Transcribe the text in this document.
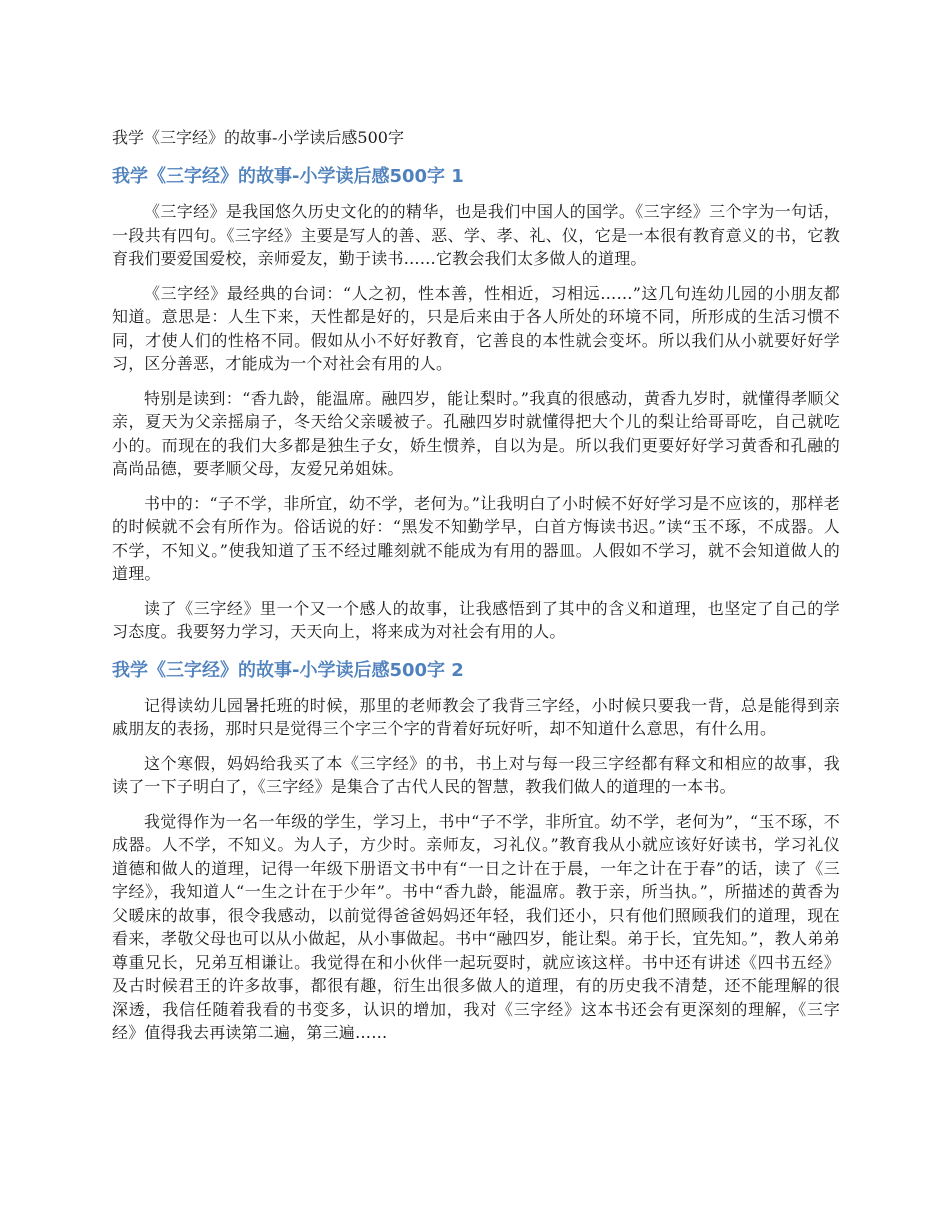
我学《三字经》的故事-小学读后感500字
我学《三字经》的故事-小学读后感500字 1

《三字经》是我国悠久历史文化的的精华，也是我们中国人的国学。《三字经》三个字为一句话，一段共有四句。《三字经》主要是写人的善、恶、学、孝、礼、仪，它是一本很有教育意义的书，它教育我们要爱国爱校，亲师爱友，勤于读书……它教会我们太多做人的道理。

《三字经》最经典的台词：“人之初，性本善，性相近，习相远……”这几句连幼儿园的小朋友都知道。意思是：人生下来，天性都是好的，只是后来由于各人所处的环境不同，所形成的生活习惯不同，才使人们的性格不同。假如从小不好好教育，它善良的本性就会变坏。所以我们从小就要好好学习，区分善恶，才能成为一个对社会有用的人。

特别是读到：“香九龄，能温席。融四岁，能让梨时。”我真的很感动，黄香九岁时，就懂得孝顺父亲，夏天为父亲摇扇子，冬天给父亲暖被子。孔融四岁时就懂得把大个儿的梨让给哥哥吃，自己就吃小的。而现在的我们大多都是独生子女，娇生惯养，自以为是。所以我们更要好好学习黄香和孔融的高尚品德，要孝顺父母，友爱兄弟姐妹。

书中的：“子不学，非所宜，幼不学，老何为。”让我明白了小时候不好好学习是不应该的，那样老的时候就不会有所作为。俗话说的好：“黑发不知勤学早，白首方悔读书迟。”读“玉不琢，不成器。人不学，不知义。”使我知道了玉不经过雕刻就不能成为有用的器皿。人假如不学习，就不会知道做人的道理。

读了《三字经》里一个又一个感人的故事，让我感悟到了其中的含义和道理，也坚定了自己的学习态度。我要努力学习，天天向上，将来成为对社会有用的人。

我学《三字经》的故事-小学读后感500字 2

记得读幼儿园暑托班的时候，那里的老师教会了我背三字经，小时候只要我一背，总是能得到亲戚朋友的表扬，那时只是觉得三个字三个字的背着好玩好听，却不知道什么意思，有什么用。

这个寒假，妈妈给我买了本《三字经》的书，书上对与每一段三字经都有释文和相应的故事，我读了一下子明白了，《三字经》是集合了古代人民的智慧，教我们做人的道理的一本书。

我觉得作为一名一年级的学生，学习上，书中“子不学，非所宜。幼不学，老何为”，“玉不琢，不成器。人不学，不知义。为人子，方少时。亲师友，习礼仪。”教育我从小就应该好好读书，学习礼仪道德和做人的道理，记得一年级下册语文书中有“一日之计在于晨，一年之计在于春”的话，读了《三字经》，我知道人“一生之计在于少年”。书中“香九龄，能温席。教于亲，所当执。”，所描述的黄香为父暖床的故事，很令我感动，以前觉得爸爸妈妈还年轻，我们还小，只有他们照顾我们的道理，现在看来，孝敬父母也可以从小做起，从小事做起。书中“融四岁，能让梨。弟于长，宜先知。”，教人弟弟尊重兄长，兄弟互相谦让。我觉得在和小伙伴一起玩耍时，就应该这样。书中还有讲述《四书五经》及古时候君王的许多故事，都很有趣，衍生出很多做人的道理，有的历史我不清楚，还不能理解的很深透，我信任随着我看的书变多，认识的增加，我对《三字经》这本书还会有更深刻的理解，《三字经》值得我去再读第二遍，第三遍……
